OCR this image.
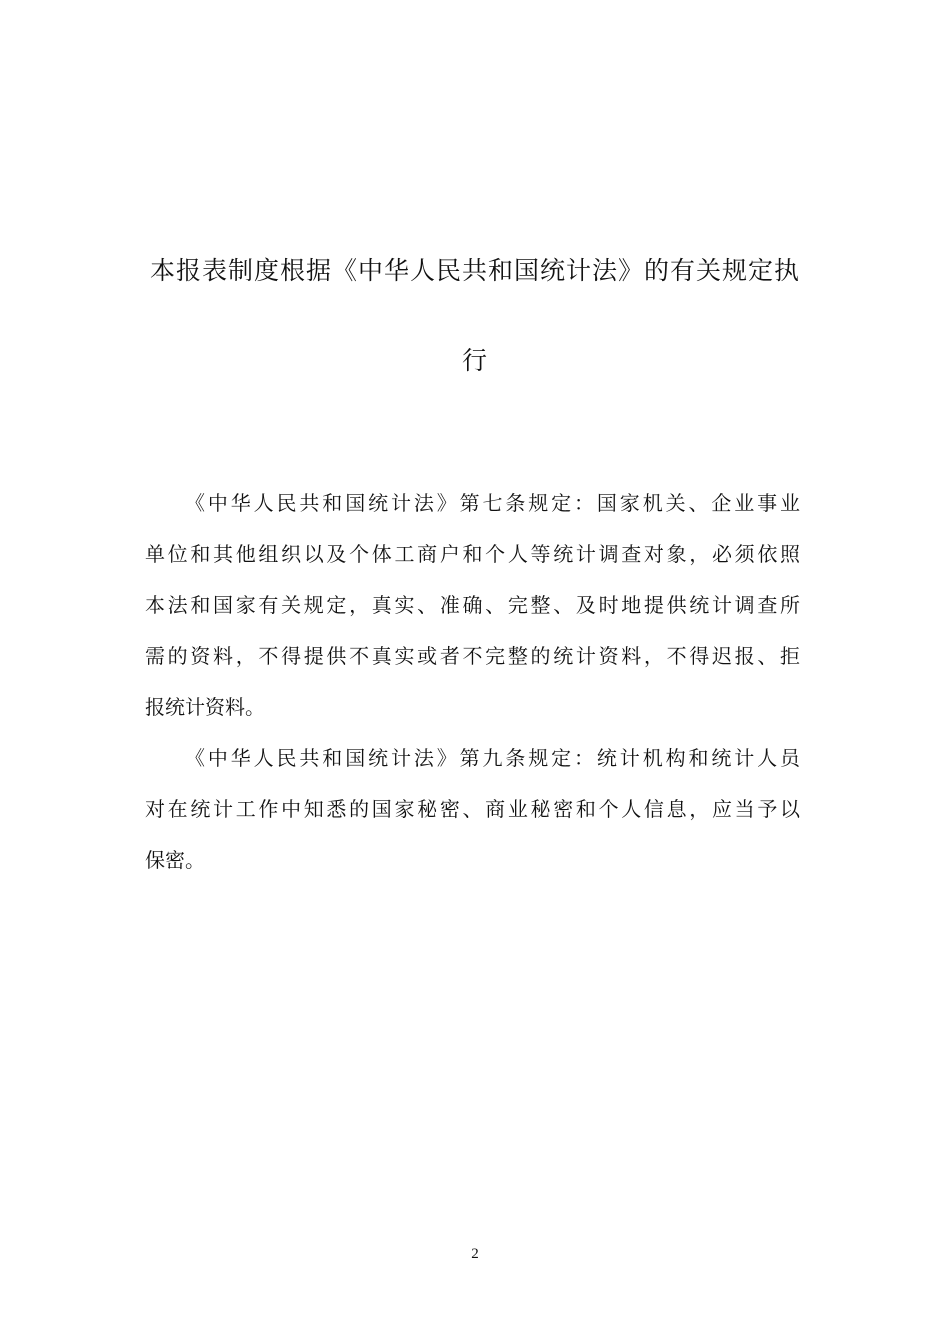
本报表制度根据《中华人民共和国统计法》的有关规定执
行
《中华人民共和国统计法》第七条规定：国家机关、企业事业
单位和其他组织以及个体工商户和个人等统计调查对象，必须依照
本法和国家有关规定，真实、准确、完整、及时地提供统计调查所
需的资料，不得提供不真实或者不完整的统计资料，不得迟报、拒
报统计资料。
《中华人民共和国统计法》第九条规定：统计机构和统计人员
对在统计工作中知悉的国家秘密、商业秘密和个人信息，应当予以
保密。
2
